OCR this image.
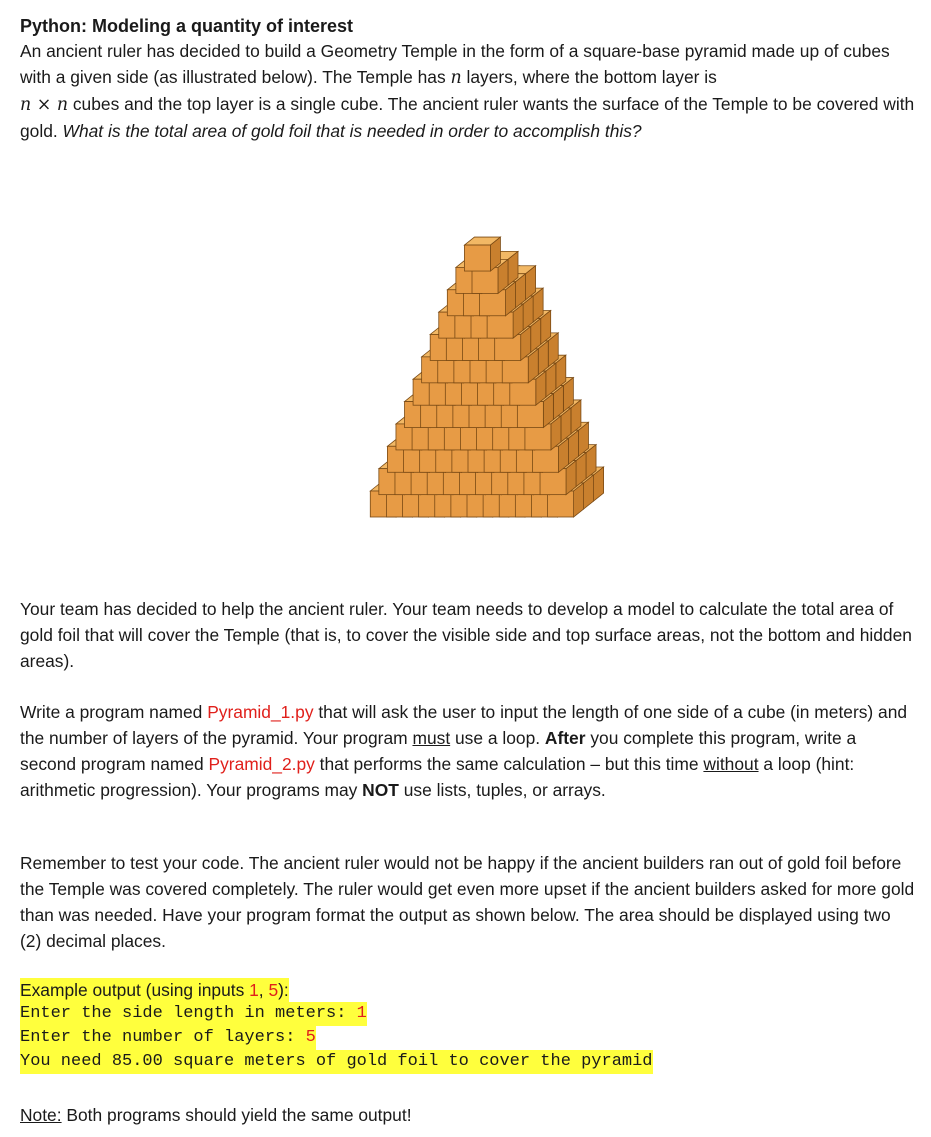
Python: Modeling a quantity of interest

An ancient ruler has decided to build a Geometry Temple in the form of a square-base pyramid made up of cubes with a given side (as illustrated below). The Temple has n layers, where the bottom layer is
n × n cubes and the top layer is a single cube. The ancient ruler wants the surface of the Temple to be covered with gold. What is the total area of gold foil that is needed in order to accomplish this?

Your team has decided to help the ancient ruler. Your team needs to develop a model to calculate the total area of gold foil that will cover the Temple (that is, to cover the visible side and top surface areas, not the bottom and hidden areas).

Write a program named Pyramid_1.py that will ask the user to input the length of one side of a cube (in meters) and the number of layers of the pyramid. Your program must use a loop. After you complete this program, write a second program named Pyramid_2.py that performs the same calculation – but this time without a loop (hint: arithmetic progression). Your programs may NOT use lists, tuples, or arrays.

Remember to test your code. The ancient ruler would not be happy if the ancient builders ran out of gold foil before the Temple was covered completely. The ruler would get even more upset if the ancient builders asked for more gold than was needed. Have your program format the output as shown below. The area should be displayed using two (2) decimal places.

Example output (using inputs 1, 5):
Enter the side length in meters: 1
Enter the number of layers: 5
You need 85.00 square meters of gold foil to cover the pyramid
Note: Both programs should yield the same output!
